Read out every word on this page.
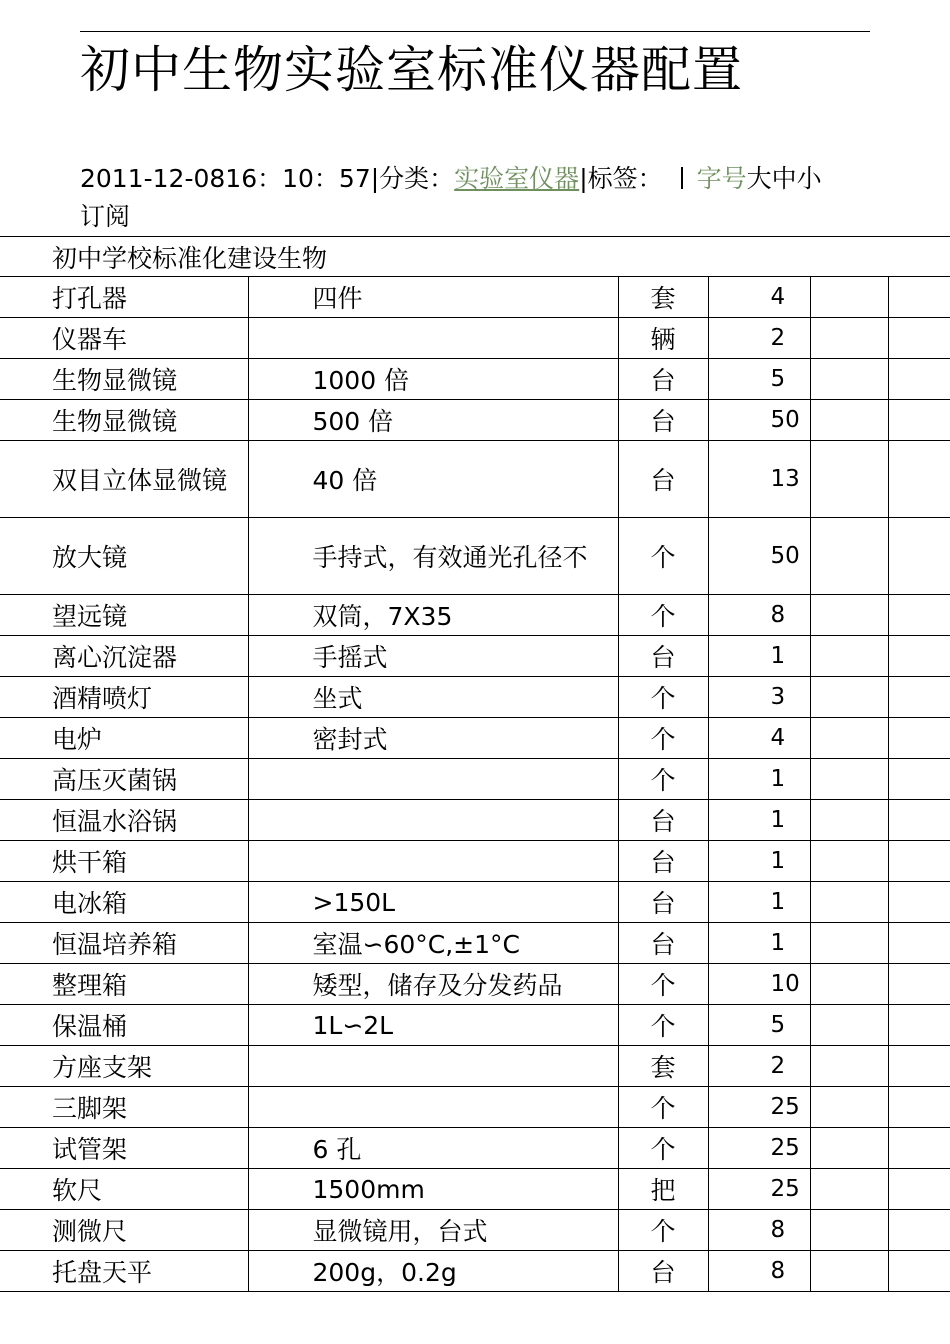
初中生物实验室标准仪器配置
2011-12-0816：10：57|分类：实验室仪器|标签： 字号大中小
订阅
初中学校标准化建设生物					
打孔器	四件	套	4		
仪器车		辆	2		
生物显微镜	1000 倍	台	5		
生物显微镜	500 倍	台	50		
双目立体显微镜	40 倍	台	13		
放大镜	手持式，有效通光孔径不	个	50		
望远镜	双筒，7X35	个	8		
离心沉淀器	手摇式	台	1		
酒精喷灯	坐式	个	3		
电炉	密封式	个	4		
高压灭菌锅		个	1		
恒温水浴锅		台	1		
烘干箱		台	1		
电冰箱	>150L	台	1		
恒温培养箱	室温∽60°C,±1°C	台	1		
整理箱	矮型，储存及分发药品	个	10		
保温桶	1L∽2L	个	5		
方座支架		套	2		
三脚架		个	25		
试管架	6 孔	个	25		
软尺	1500mm	把	25		
测微尺	显微镜用，台式	个	8		
托盘天平	200g，0.2g	台	8		
